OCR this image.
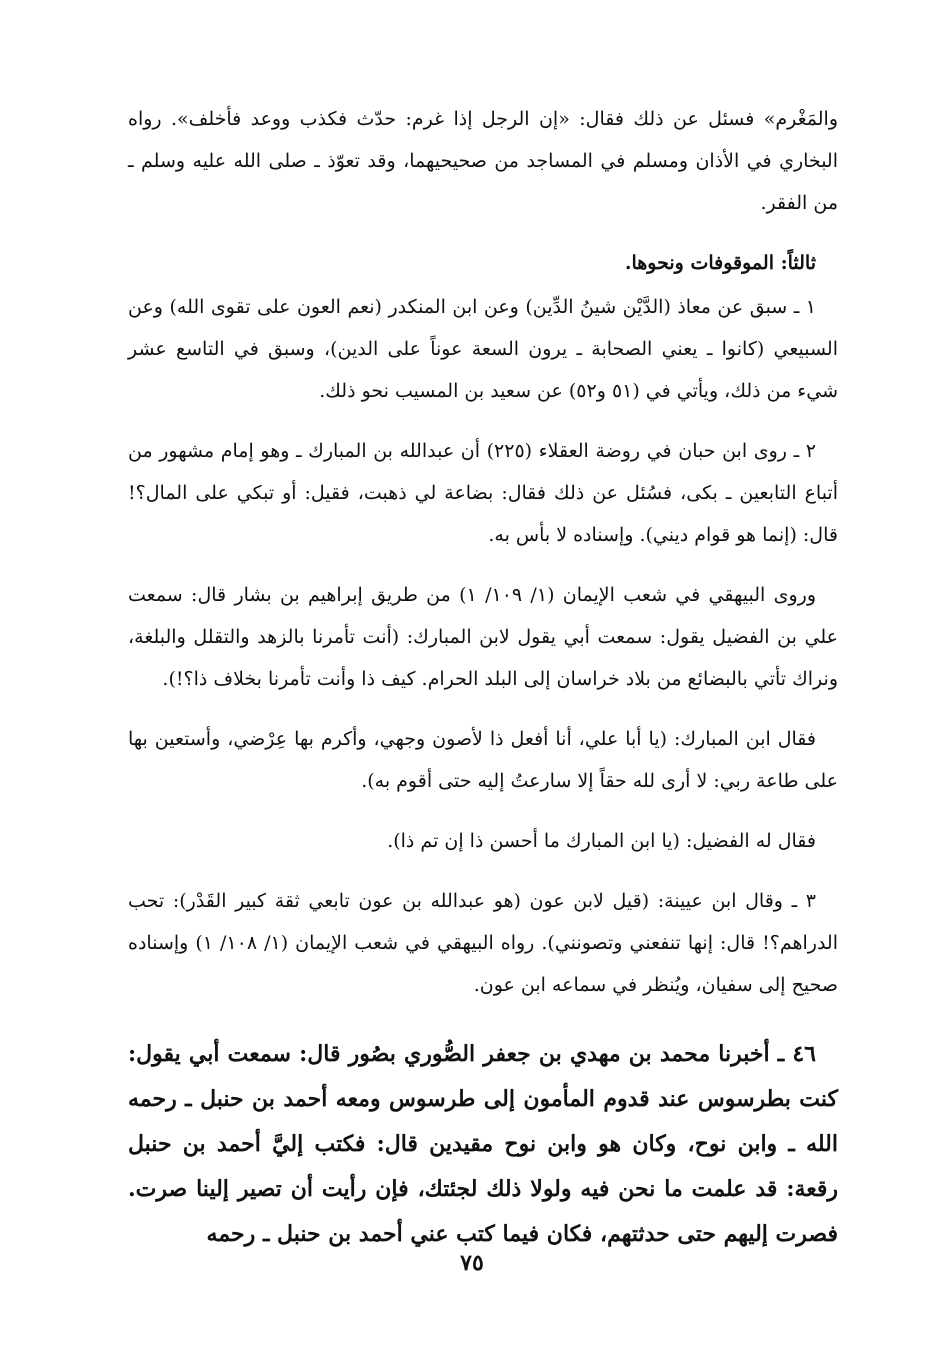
والمَغْرم» فسئل عن ذلك فقال: «إن الرجل إذا غرم: حدّث فكذب ووعد فأخلف». رواه البخاري في الأذان ومسلم في المساجد من صحيحيهما، وقد تعوّذ ـ صلى الله عليه وسلم ـ من الفقر.

ثالثاً: الموقوفات ونحوها.

١ ـ سبق عن معاذ (الدَّيْن شينُ الدِّين) وعن ابن المنكدر (نعم العون على تقوى الله) وعن السبيعي (كانوا ـ يعني الصحابة ـ يرون السعة عوناً على الدين)، وسبق في التاسع عشر شيء من ذلك، ويأتي في (٥١ و٥٢) عن سعيد بن المسيب نحو ذلك.

٢ ـ روى ابن حبان في روضة العقلاء (٢٢٥) أن عبدالله بن المبارك ـ وهو إمام مشهور من أتباع التابعين ـ بكى، فسُئل عن ذلك فقال: بضاعة لي ذهبت، فقيل: أو تبكي على المال؟! قال: (إنما هو قوام ديني). وإسناده لا بأس به.

وروى البيهقي في شعب الإيمان (١/ ١٠٩/ ١) من طريق إبراهيم بن بشار قال: سمعت علي بن الفضيل يقول: سمعت أبي يقول لابن المبارك: (أنت تأمرنا بالزهد والتقلل والبلغة، ونراك تأتي بالبضائع من بلاد خراسان إلى البلد الحرام. كيف ذا وأنت تأمرنا بخلاف ذا؟!).

فقال ابن المبارك: (يا أبا علي، أنا أفعل ذا لأصون وجهي، وأكرم بها عِرْضي، وأستعين بها على طاعة ربي: لا أرى لله حقاً إلا سارعتُ إليه حتى أقوم به).

فقال له الفضيل: (يا ابن المبارك ما أحسن ذا إن تم ذا).

٣ ـ وقال ابن عيينة: (قيل لابن عون (هو عبدالله بن عون تابعي ثقة كبير القَدْر): تحب الدراهم؟! قال: إنها تنفعني وتصونني). رواه البيهقي في شعب الإيمان (١/ ١٠٨/ ١) وإسناده صحيح إلى سفيان، ويُنظر في سماعه ابن عون.

٤٦ ـ أخبرنا محمد بن مهدي بن جعفر الصُّوري بصُور قال: سمعت أبي يقول: كنت بطرسوس عند قدوم المأمون إلى طرسوس ومعه أحمد بن حنبل ـ رحمه الله ـ وابن نوح، وكان هو وابن نوح مقيدين قال: فكتب إليَّ أحمد بن حنبل رقعة: قد علمت ما نحن فيه ولولا ذلك لجئتك، فإن رأيت أن تصير إلينا صرت. فصرت إليهم حتى حدثتهم، فكان فيما كتب عني أحمد بن حنبل ـ رحمه

٧٥
